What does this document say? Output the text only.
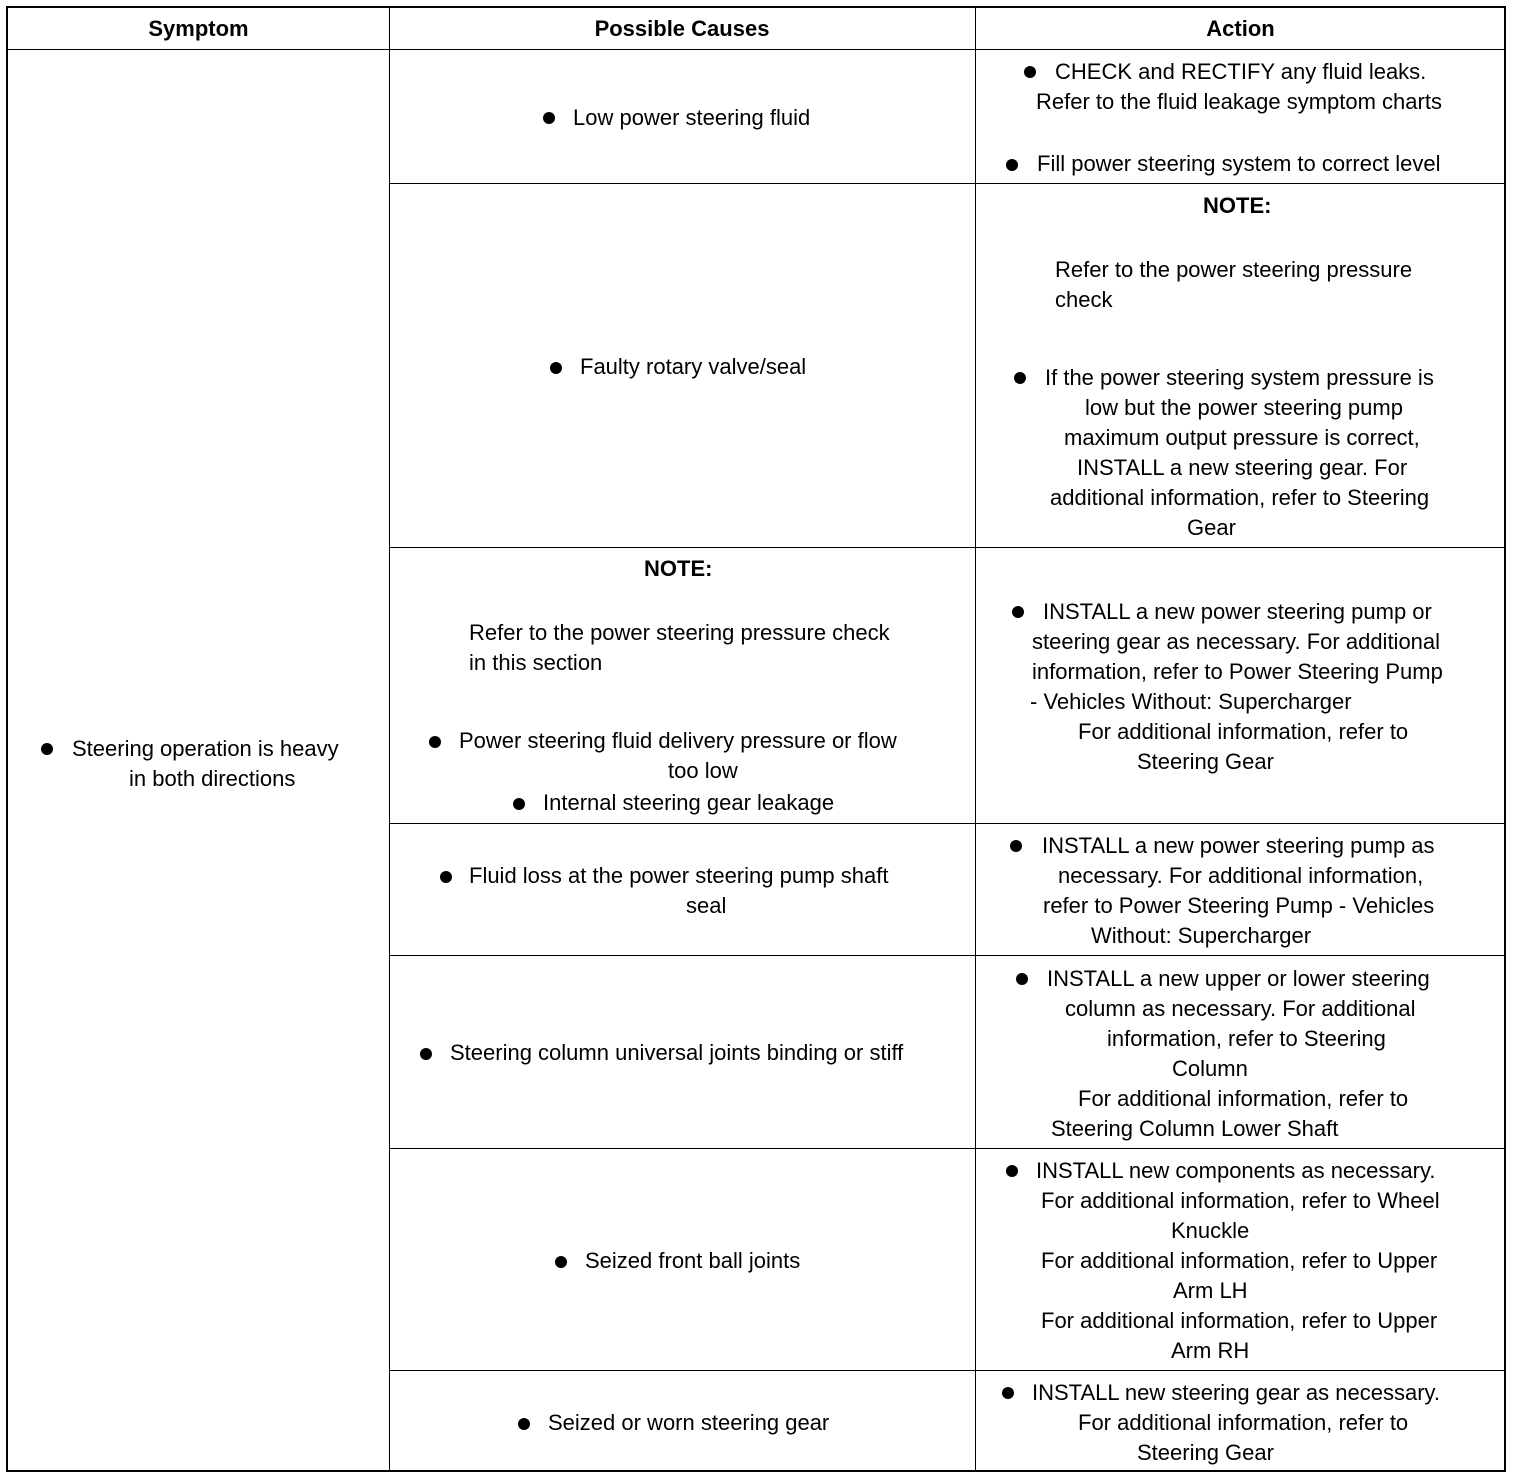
Symptom	Possible Causes	Action
Steering operation is heavy
in both directions
Low power steering fluid
Faulty rotary valve/seal
NOTE:
Refer to the power steering pressure check
in this section
Power steering fluid delivery pressure or flow
too low
Internal steering gear leakage
Fluid loss at the power steering pump shaft
seal
Steering column universal joints binding or stiff
Seized front ball joints
Seized or worn steering gear
CHECK and RECTIFY any fluid leaks.
Refer to the fluid leakage symptom charts
Fill power steering system to correct level
NOTE:
Refer to the power steering pressure
check
If the power steering system pressure is
low but the power steering pump
maximum output pressure is correct,
INSTALL a new steering gear. For
additional information, refer to Steering
Gear
INSTALL a new power steering pump or
steering gear as necessary. For additional
information, refer to Power Steering Pump
- Vehicles Without: Supercharger
For additional information, refer to
Steering Gear
INSTALL a new power steering pump as
necessary. For additional information,
refer to Power Steering Pump - Vehicles
Without: Supercharger
INSTALL a new upper or lower steering
column as necessary. For additional
information, refer to Steering
Column
For additional information, refer to
Steering Column Lower Shaft
INSTALL new components as necessary.
For additional information, refer to Wheel
Knuckle
For additional information, refer to Upper
Arm LH
For additional information, refer to Upper
Arm RH
INSTALL new steering gear as necessary.
For additional information, refer to
Steering Gear
